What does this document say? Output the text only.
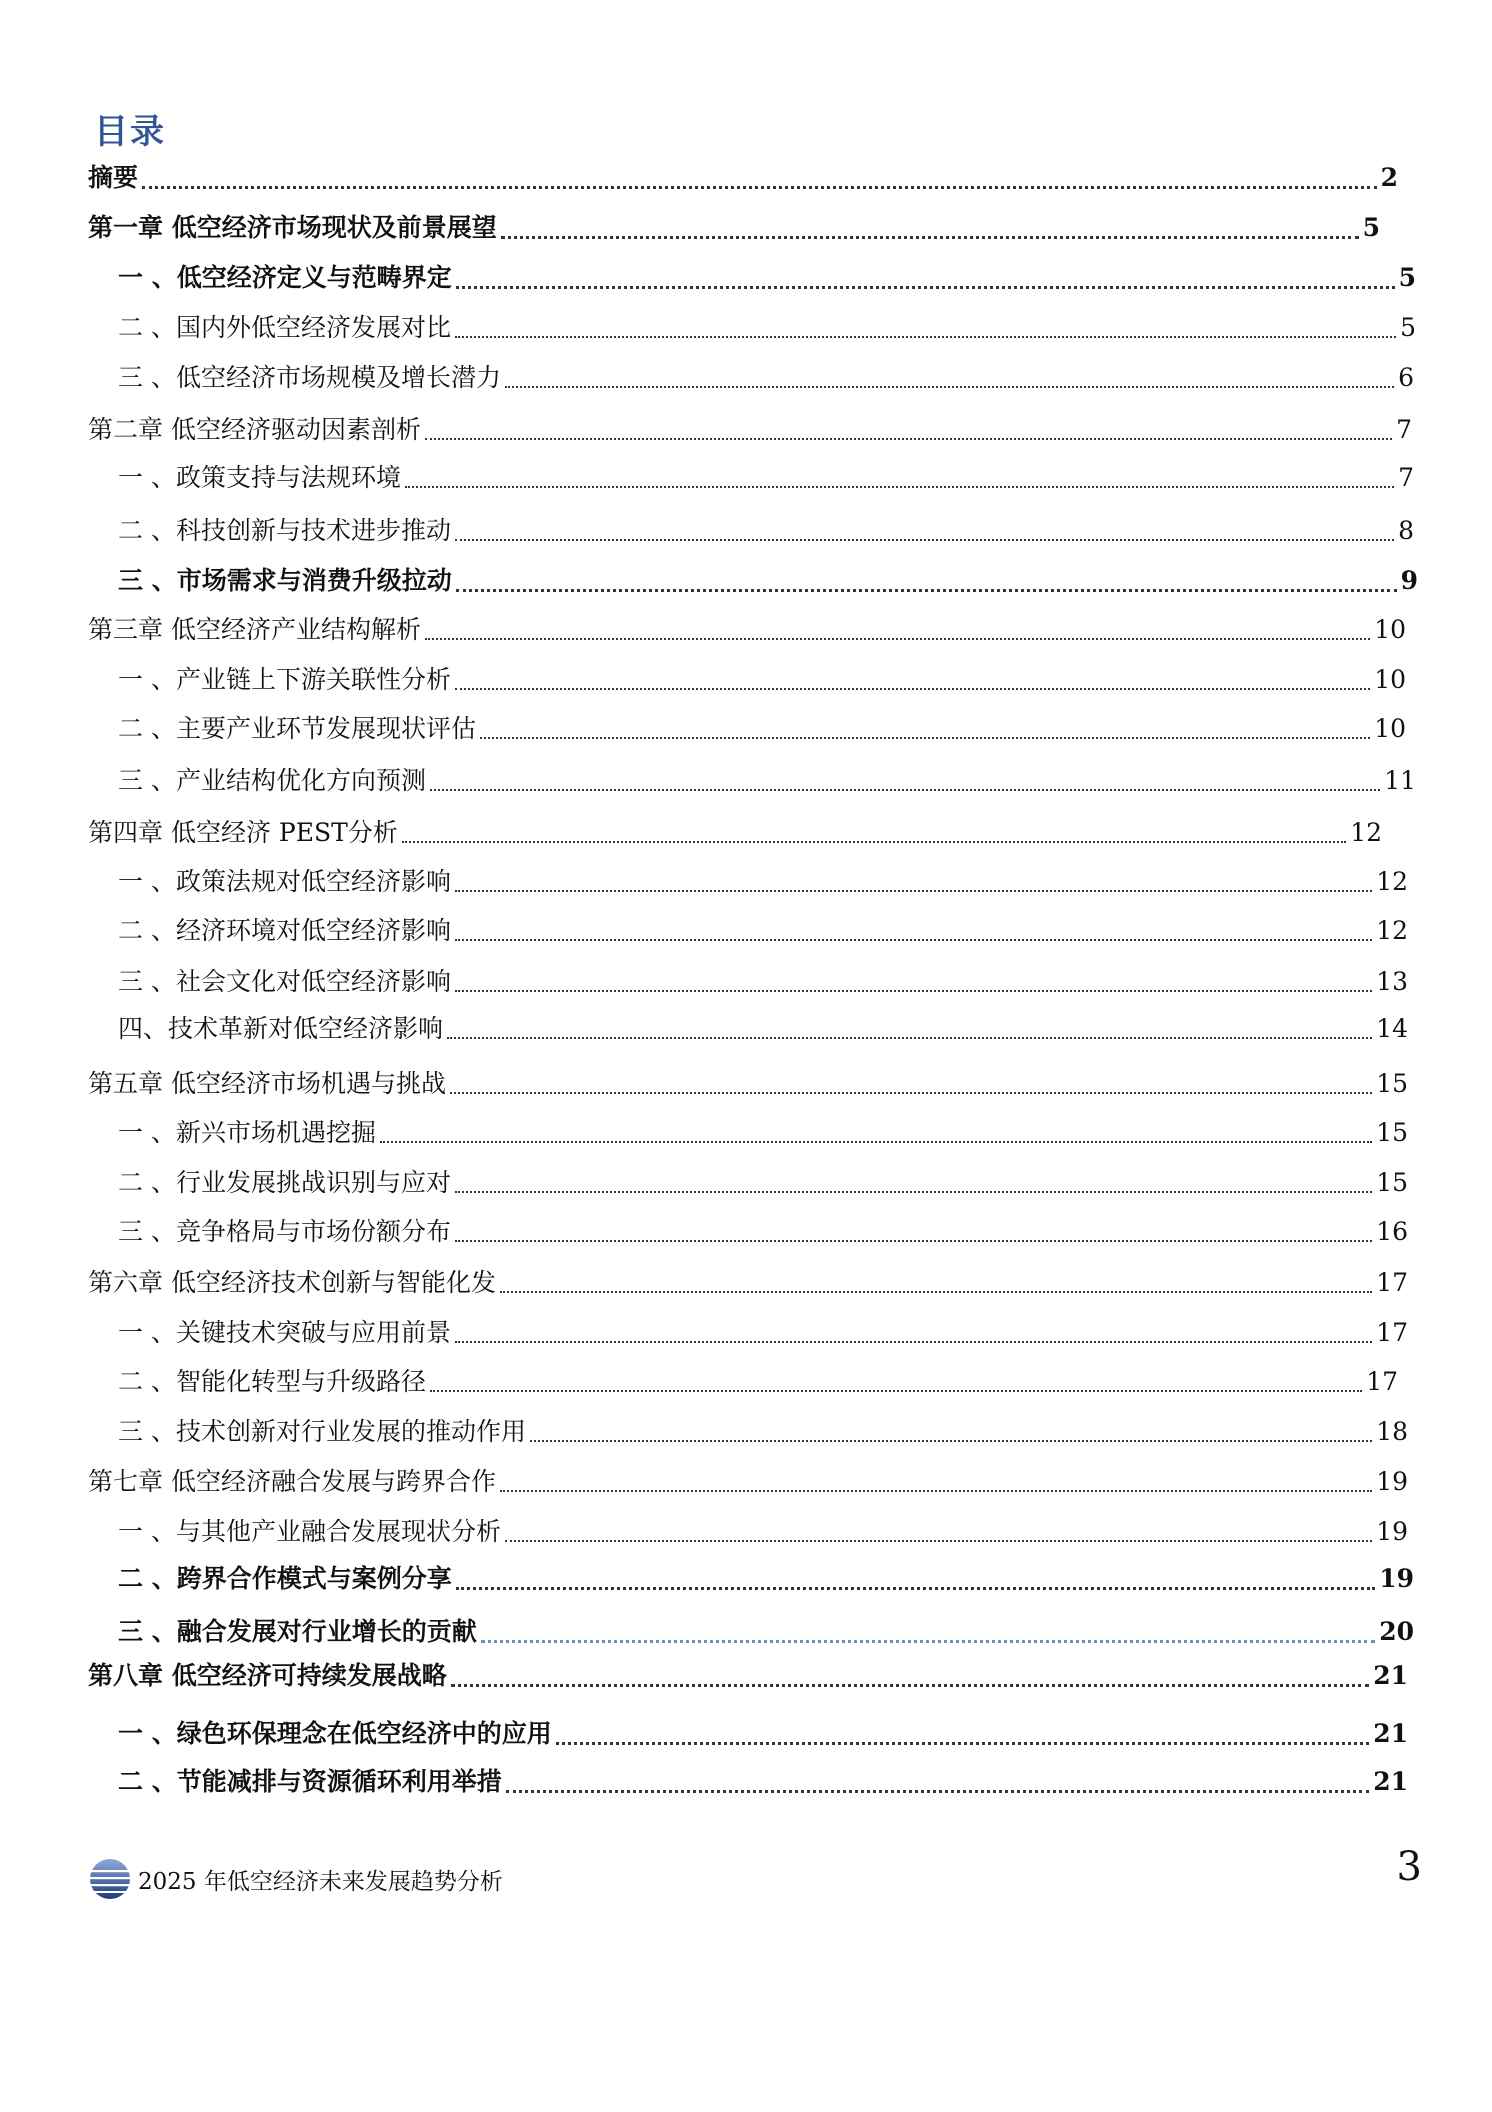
目录
摘要	2
第一章 低空经济市场现状及前景展望	5
一 、低空经济定义与范畴界定	5
二 、国内外低空经济发展对比	5
三 、低空经济市场规模及增长潜力	6
第二章 低空经济驱动因素剖析	7
一 、政策支持与法规环境	7
二 、科技创新与技术进步推动	8
三 、市场需求与消费升级拉动	9
第三章 低空经济产业结构解析	10
一 、产业链上下游关联性分析	10
二 、主要产业环节发展现状评估	10
三 、产业结构优化方向预测	11
第四章 低空经济 PEST分析	12
一 、政策法规对低空经济影响	12
二 、经济环境对低空经济影响	12
三 、社会文化对低空经济影响	13
四、技术革新对低空经济影响	14
第五章 低空经济市场机遇与挑战	15
一 、新兴市场机遇挖掘	15
二 、行业发展挑战识别与应对	15
三 、竞争格局与市场份额分布	16
第六章 低空经济技术创新与智能化发	17
一 、关键技术突破与应用前景	17
二 、智能化转型与升级路径	17
三 、技术创新对行业发展的推动作用	18
第七章 低空经济融合发展与跨界合作	19
一 、与其他产业融合发展现状分析	19
二 、跨界合作模式与案例分享	19
三 、融合发展对行业增长的贡献	20
第八章 低空经济可持续发展战略	21
一 、绿色环保理念在低空经济中的应用	21
二 、节能减排与资源循环利用举措	21
2025 年低空经济未来发展趋势分析	3
